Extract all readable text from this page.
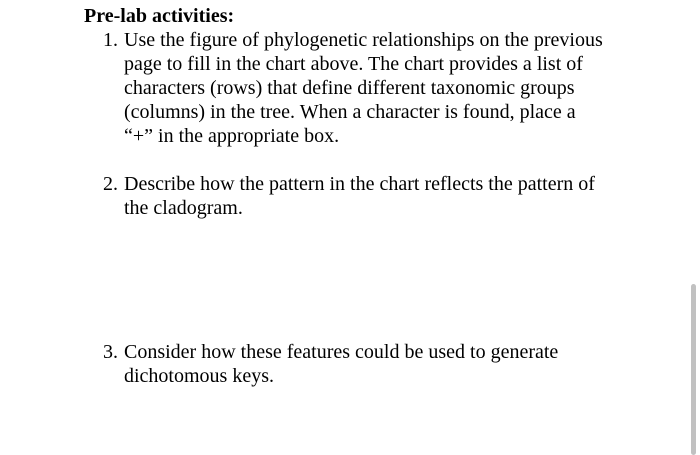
Pre-lab activities:
1. Use the figure of phylogenetic relationships on the previous
page to fill in the chart above. The chart provides a list of
characters (rows) that define different taxonomic groups
(columns) in the tree. When a character is found, place a
“+” in the appropriate box.
2. Describe how the pattern in the chart reflects the pattern of
the cladogram.
3. Consider how these features could be used to generate
dichotomous keys.
